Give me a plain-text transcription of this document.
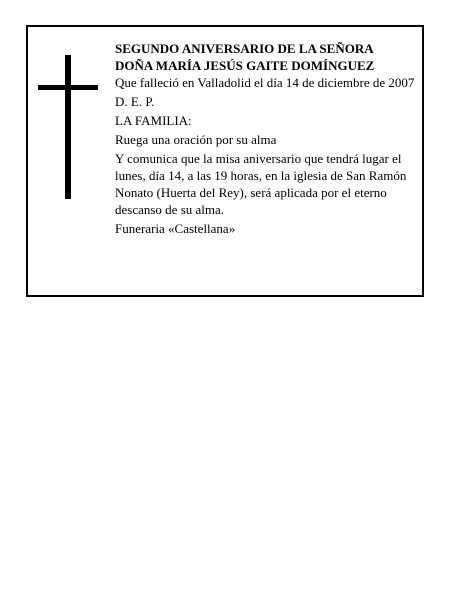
SEGUNDO ANIVERSARIO DE LA SEÑORA

DOÑA MARÍA JESÚS GAITE DOMÍNGUEZ

Que falleció en Valladolid el día 14 de diciembre de 2007

D. E. P.

LA FAMILIA:

Ruega una oración por su alma

Y comunica que la misa aniversario que tendrá lugar el lunes, día 14, a las 19 horas, en la iglesia de San Ramón Nonato (Huerta del Rey), será aplicada por el eterno descanso de su alma.

Funeraria «Castellana»
